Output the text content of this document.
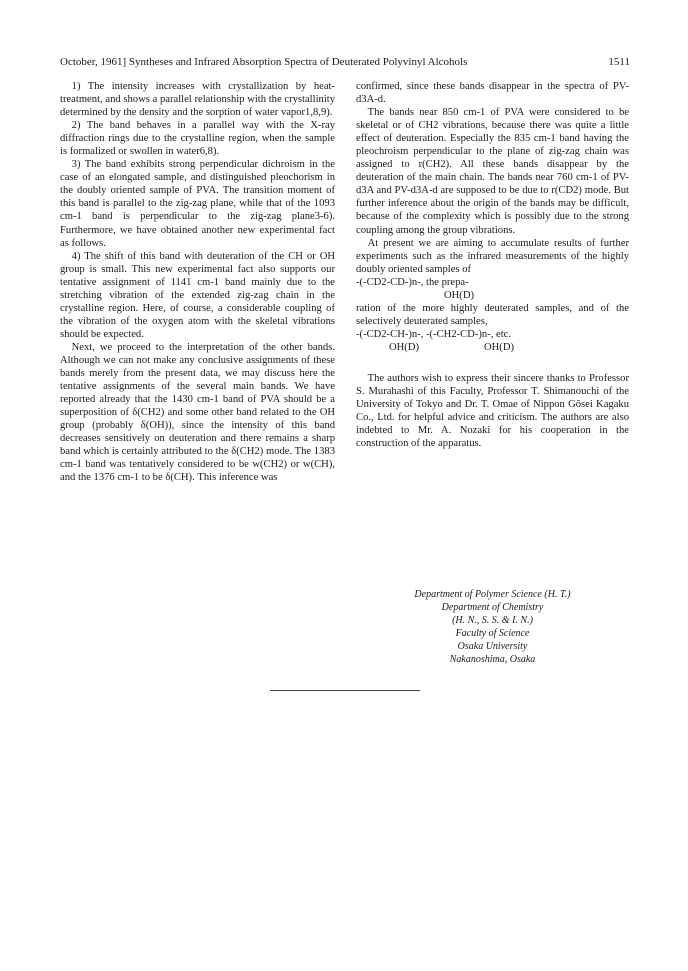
October, 1961] Syntheses and Infrared Absorption Spectra of Deuterated Polyvinyl Alcohols	1511

1) The intensity increases with crystallization by heat-treatment, and shows a parallel relationship with the crystallinity determined by the density and the sorption of water vapor1,8,9).

2) The band behaves in a parallel way with the X-ray diffraction rings due to the crystalline region, when the sample is formalized or swollen in water6,8).

3) The band exhibits strong perpendicular dichroism in the case of an elongated sample, and distinguished pleochorism in the doubly oriented sample of PVA. The transition moment of this band is parallel to the zig-zag plane, while that of the 1093 cm-1 band is perpendicular to the zig-zag plane3-6). Furthermore, we have obtained another new experimental fact as follows.

4) The shift of this band with deuteration of the CH or OH group is small. This new experimental fact also supports our tentative assignment of 1141 cm-1 band mainly due to the stretching vibration of the extended zig-zag chain in the crystalline region. Here, of course, a considerable coupling of the vibration of the oxygen atom with the skeletal vibrations should be expected.

Next, we proceed to the interpretation of the other bands. Although we can not make any conclusive assignments of these bands merely from the present data, we may discuss here the tentative assignments of the several main bands. We have reported already that the 1430 cm-1 band of PVA should be a superposition of δ(CH2) and some other band related to the OH group (probably δ(OH)), since the intensity of this band decreases sensitively on deuteration and there remains a sharp band which is certainly attributed to the δ(CH2) mode. The 1383 cm-1 band was tentatively considered to be w(CH2) or w(CH), and the 1376 cm-1 to be δ(CH). This inference was

confirmed, since these bands disappear in the spectra of PV-d3A-d.

The bands near 850 cm-1 of PVA were considered to be skeletal or of CH2 vibrations, because there was quite a little effect of deuteration. Especially the 835 cm-1 band having the pleochroism perpendicular to the plane of zig-zag chain was assigned to r(CH2). All these bands disappear by the deuteration of the main chain. The bands near 760 cm-1 of PV-d3A and PV-d3A-d are supposed to be due to r(CD2) mode. But further inference about the origin of the bands may be difficult, because of the complexity which is possibly due to the strong coupling among the group vibrations.

At present we are aiming to accumulate results of further experiments such as the infrared measurements of the highly doubly oriented samples of

-(-CD2-CD-)n-, the prepa-
OH(D)

ration of the more highly deuterated samples, and of the selectively deuterated samples,

-(-CD2-CH-)n-, -(-CH2-CD-)n-, etc.
OH(D)	OH(D)

The authors wish to express their sincere thanks to Professor S. Murahashi of this Faculty, Professor T. Shimanouchi of the University of Tokyo and Dr. T. Omae of Nippon Gôsei Kagaku Co., Ltd. for helpful advice and criticism. The authors are also indebted to Mr. A. Nozaki for his cooperation in the construction of the apparatus.

Department of Polymer Science (H. T.)
Department of Chemistry
(H. N., S. S. & I. N.)
Faculty of Science
Osaka University
Nakanoshima, Osaka
